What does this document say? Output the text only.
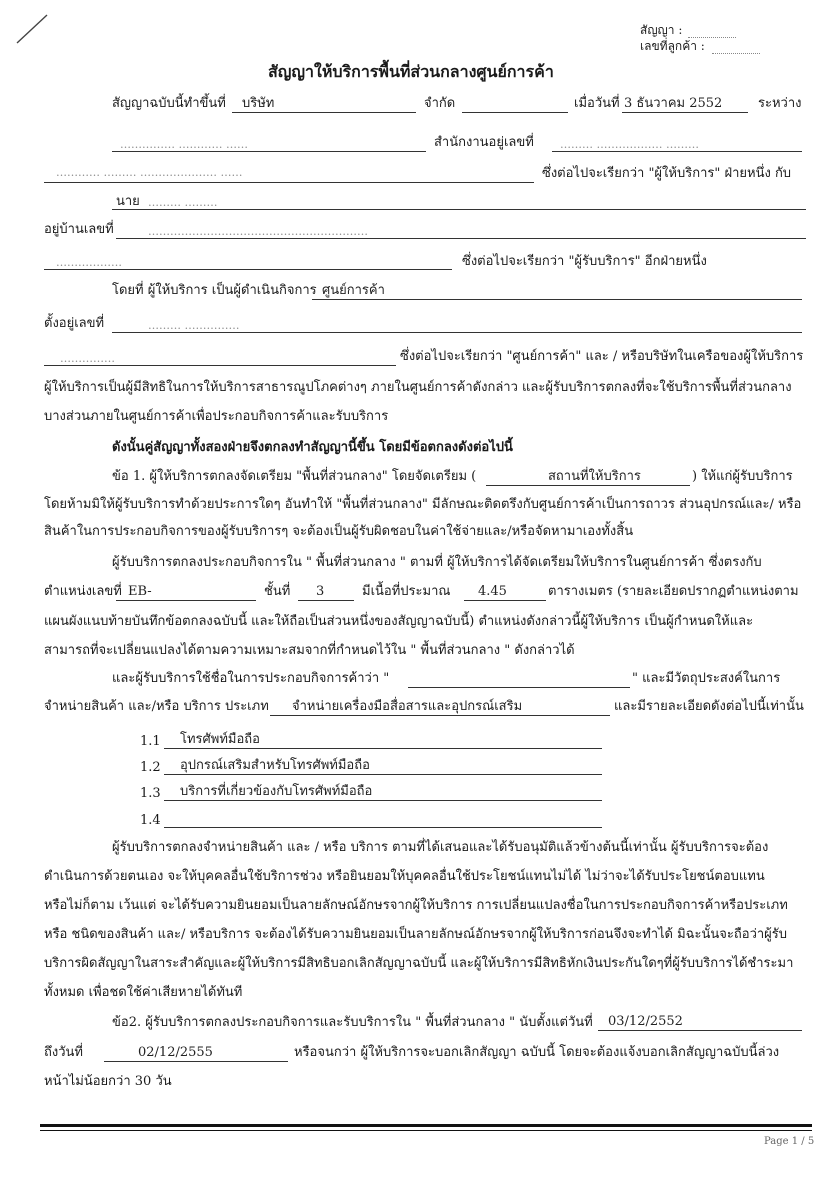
สัญญา :
เลขที่ลูกค้า :
สัญญาให้บริการพื้นที่ส่วนกลางศูนย์การค้า
สัญญาฉบับนี้ทำขึ้นที่ บริษัท	จำกัด	เมื่อวันที่ 3 ธันวาคม 2552	ระหว่าง
…………… ………… ……	สำนักงานอยู่เลขที่ ……… ……………… ………
………… ……… ………………… ……	ซึ่งต่อไปจะเรียกว่า "ผู้ให้บริการ" ฝ่ายหนึ่ง กับ
นาย ……… ………
อยู่บ้านเลขที่	……………………………………………………
………………	ซึ่งต่อไปจะเรียกว่า "ผู้รับบริการ" อีกฝ่ายหนึ่ง
โดยที่ ผู้ให้บริการ เป็นผู้ดำเนินกิจการ ศูนย์การค้า
ตั้งอยู่เลขที่	……… ……………
……………	ซึ่งต่อไปจะเรียกว่า "ศูนย์การค้า" และ / หรือบริษัทในเครือของผู้ให้บริการ
ผู้ให้บริการเป็นผู้มีสิทธิในการให้บริการสาธารณูปโภคต่างๆ ภายในศูนย์การค้าดังกล่าว และผู้รับบริการตกลงที่จะใช้บริการพื้นที่ส่วนกลาง
บางส่วนภายในศูนย์การค้าเพื่อประกอบกิจการค้าและรับบริการ
ดังนั้นคู่สัญญาทั้งสองฝ่ายจึงตกลงทำสัญญานี้ขึ้น โดยมีข้อตกลงดังต่อไปนี้
ข้อ 1. ผู้ให้บริการตกลงจัดเตรียม "พื้นที่ส่วนกลาง" โดยจัดเตรียม (	สถานที่ให้บริการ	) ให้แก่ผู้รับบริการ
โดยห้ามมิให้ผู้รับบริการทำด้วยประการใดๆ อันทำให้ "พื้นที่ส่วนกลาง" มีลักษณะติดตรึงกับศูนย์การค้าเป็นการถาวร ส่วนอุปกรณ์และ/ หรือ
สินค้าในการประกอบกิจการของผู้รับบริการๆ จะต้องเป็นผู้รับผิดชอบในค่าใช้จ่ายและ/หรือจัดหามาเองทั้งสิ้น
ผู้รับบริการตกลงประกอบกิจการใน " พื้นที่ส่วนกลาง " ตามที่ ผู้ให้บริการได้จัดเตรียมให้บริการในศูนย์การค้า ซึ่งตรงกับ
ตำแหน่งเลขที่ EB-	ชั้นที่ 3	มีเนื้อที่ประมาณ 4.45	ตารางเมตร (รายละเอียดปรากฏตำแหน่งตาม
แผนผังแนบท้ายบันทึกข้อตกลงฉบับนี้ และให้ถือเป็นส่วนหนึ่งของสัญญาฉบับนี้) ตำแหน่งดังกล่าวนี้ผู้ให้บริการ เป็นผู้กำหนดให้และ
สามารถที่จะเปลี่ยนแปลงได้ตามความเหมาะสมจากที่กำหนดไว้ใน " พื้นที่ส่วนกลาง " ดังกล่าวได้
และผู้รับบริการใช้ชื่อในการประกอบกิจการค้าว่า "	" และมีวัตถุประสงค์ในการ
จำหน่ายสินค้า และ/หรือ บริการ ประเภท จำหน่ายเครื่องมือสื่อสารและอุปกรณ์เสริม	และมีรายละเอียดดังต่อไปนี้เท่านั้น
1.1 โทรศัพท์มือถือ
1.2 อุปกรณ์เสริมสำหรับโทรศัพท์มือถือ
1.3 บริการที่เกี่ยวข้องกับโทรศัพท์มือถือ
1.4
ผู้รับบริการตกลงจำหน่ายสินค้า และ / หรือ บริการ ตามที่ได้เสนอและได้รับอนุมัติแล้วข้างต้นนี้เท่านั้น ผู้รับบริการจะต้อง
ดำเนินการด้วยตนเอง จะให้บุคคลอื่นใช้บริการช่วง หรือยินยอมให้บุคคลอื่นใช้ประโยชน์แทนไม่ได้ ไม่ว่าจะได้รับประโยชน์ตอบแทน
หรือไม่ก็ตาม เว้นแต่ จะได้รับความยินยอมเป็นลายลักษณ์อักษรจากผู้ให้บริการ การเปลี่ยนแปลงชื่อในการประกอบกิจการค้าหรือประเภท
หรือ ชนิดของสินค้า และ/ หรือบริการ จะต้องได้รับความยินยอมเป็นลายลักษณ์อักษรจากผู้ให้บริการก่อนจึงจะทำได้ มิฉะนั้นจะถือว่าผู้รับ
บริการผิดสัญญาในสาระสำคัญและผู้ให้บริการมีสิทธิบอกเลิกสัญญาฉบับนี้ และผู้ให้บริการมีสิทธิหักเงินประกันใดๆที่ผู้รับบริการได้ชำระมา
ทั้งหมด เพื่อชดใช้ค่าเสียหายได้ทันที
ข้อ2. ผู้รับบริการตกลงประกอบกิจการและรับบริการใน " พื้นที่ส่วนกลาง " นับตั้งแต่วันที่ 03/12/2552
ถึงวันที่	02/12/2555	หรือจนกว่า ผู้ให้บริการจะบอกเลิกสัญญา ฉบับนี้ โดยจะต้องแจ้งบอกเลิกสัญญาฉบับนี้ล่วง
หน้าไม่น้อยกว่า 30 วัน
Page 1 / 5
